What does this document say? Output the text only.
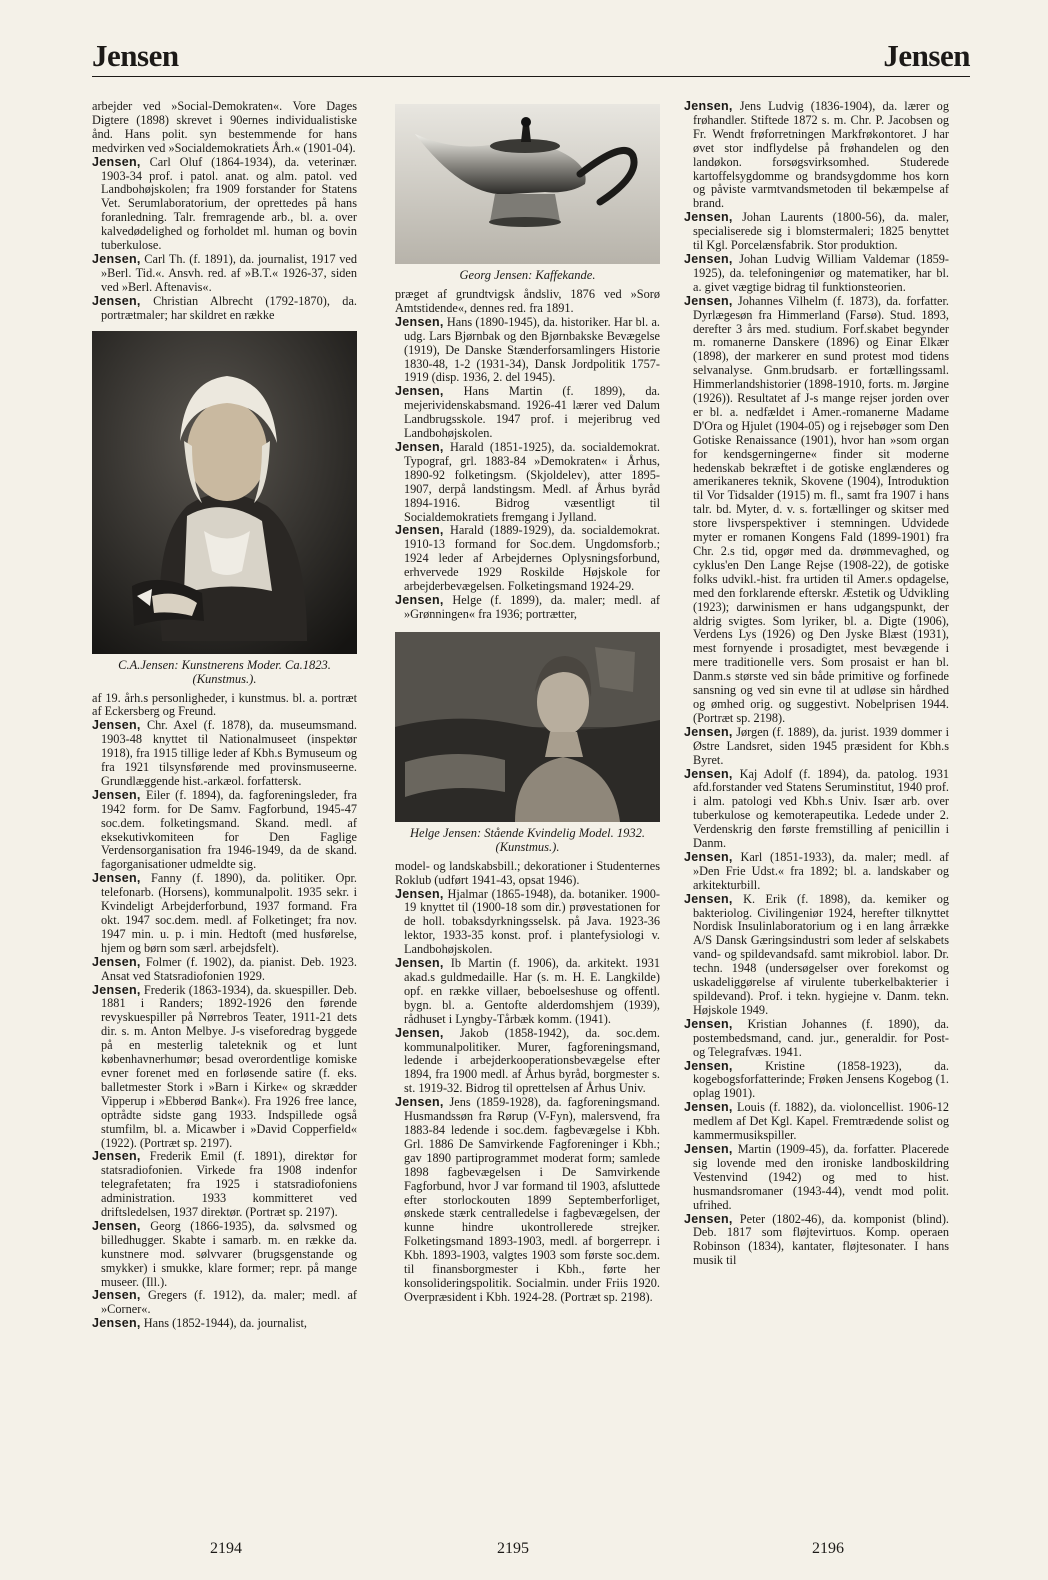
Jensen	Jensen

arbejder ved »Social-Demokraten«. Vore Dages Digtere (1898) skrevet i 90ernes individualistiske ånd. Hans polit. syn bestemmende for hans medvirken ved »Socialdemokratiets Årh.« (1901-04).

Jensen, Carl Oluf (1864-1934), da. veterinær. 1903-34 prof. i patol. anat. og alm. patol. ved Landbohøjskolen; fra 1909 forstander for Statens Vet. Serumlaboratorium, der oprettedes på hans foranledning. Talr. fremragende arb., bl. a. over kalvedødelighed og forholdet ml. human og bovin tuberkulose.

Jensen, Carl Th. (f. 1891), da. journalist, 1917 ved »Berl. Tid.«. Ansvh. red. af »B.T.« 1926-37, siden ved »Berl. Aftenavis«.

Jensen, Christian Albrecht (1792-1870), da. portrætmaler; har skildret en række

C.A.Jensen: Kunstnerens Moder. Ca.1823. (Kunstmus.).

af 19. årh.s personligheder, i kunstmus. bl. a. portræt af Eckersberg og Freund.

Jensen, Chr. Axel (f. 1878), da. museumsmand. 1903-48 knyttet til Nationalmuseet (inspektør 1918), fra 1915 tillige leder af Kbh.s Bymuseum og fra 1921 tilsynsførende med provinsmuseerne. Grundlæggende hist.-arkæol. forfattersk.

Jensen, Eiler (f. 1894), da. fagforeningsleder, fra 1942 form. for De Samv. Fagforbund, 1945-47 soc.dem. folketingsmand. Skand. medl. af eksekutivkomiteen for Den Faglige Verdensorganisation fra 1946-1949, da de skand. fagorganisationer udmeldte sig.

Jensen, Fanny (f. 1890), da. politiker. Opr. telefonarb. (Horsens), kommunalpolit. 1935 sekr. i Kvindeligt Arbejderforbund, 1937 formand. Fra okt. 1947 soc.dem. medl. af Folketinget; fra nov. 1947 min. u. p. i min. Hedtoft (med husførelse, hjem og børn som særl. arbejdsfelt).

Jensen, Folmer (f. 1902), da. pianist. Deb. 1923. Ansat ved Statsradiofonien 1929.

Jensen, Frederik (1863-1934), da. skuespiller. Deb. 1881 i Randers; 1892-1926 den førende revyskuespiller på Nørrebros Teater, 1911-21 dets dir. s. m. Anton Melbye. J-s viseforedrag byggede på en mesterlig taleteknik og et lunt københavnerhumør; besad overordentlige komiske evner forenet med en forløsende satire (f. eks. balletmester Stork i »Barn i Kirke« og skrædder Vipperup i »Ebberød Bank«). Fra 1926 free lance, optrådte sidste gang 1933. Indspillede også stumfilm, bl. a. Micawber i »David Copperfield« (1922). (Portræt sp. 2197).

Jensen, Frederik Emil (f. 1891), direktør for statsradiofonien. Virkede fra 1908 indenfor telegrafetaten; fra 1925 i statsradiofoniens administration. 1933 kommitteret ved driftsledelsen, 1937 direktør. (Portræt sp. 2197).

Jensen, Georg (1866-1935), da. sølvsmed og billedhugger. Skabte i samarb. m. en række da. kunstnere mod. sølvvarer (brugsgenstande og smykker) i smukke, klare former; repr. på mange museer. (Ill.).

Jensen, Gregers (f. 1912), da. maler; medl. af »Corner«.

Jensen, Hans (1852-1944), da. journalist,

Georg Jensen: Kaffekande.

præget af grundtvigsk åndsliv, 1876 ved »Sorø Amtstidende«, dennes red. fra 1891.

Jensen, Hans (1890-1945), da. historiker. Har bl. a. udg. Lars Bjørnbak og den Bjørnbakske Bevægelse (1919), De Danske Stænderforsamlingers Historie 1830-48, 1-2 (1931-34), Dansk Jordpolitik 1757-1919 (disp. 1936, 2. del 1945).

Jensen, Hans Martin (f. 1899), da. mejerividenskabsmand. 1926-41 lærer ved Dalum Landbrugsskole. 1947 prof. i mejeribrug ved Landbohøjskolen.

Jensen, Harald (1851-1925), da. socialdemokrat. Typograf, grl. 1883-84 »Demokraten« i Århus, 1890-92 folketingsm. (Skjoldelev), atter 1895-1907, derpå landstingsm. Medl. af Århus byråd 1894-1916. Bidrog væsentligt til Socialdemokratiets fremgang i Jylland.

Jensen, Harald (1889-1929), da. socialdemokrat. 1910-13 formand for Soc.dem. Ungdomsforb.; 1924 leder af Arbejdernes Oplysningsforbund, erhvervede 1929 Roskilde Højskole for arbejderbevægelsen. Folketingsmand 1924-29.

Jensen, Helge (f. 1899), da. maler; medl. af »Grønningen« fra 1936; portrætter,

Helge Jensen: Stående Kvindelig Model. 1932. (Kunstmus.).

model- og landskabsbill.; dekorationer i Studenternes Roklub (udført 1941-43, opsat 1946).

Jensen, Hjalmar (1865-1948), da. botaniker. 1900-19 knyttet til (1900-18 som dir.) prøvestationen for de holl. tobaksdyrkningsselsk. på Java. 1923-36 lektor, 1933-35 konst. prof. i plantefysiologi v. Landbohøjskolen.

Jensen, Ib Martin (f. 1906), da. arkitekt. 1931 akad.s guldmedaille. Har (s. m. H. E. Langkilde) opf. en række villaer, beboelseshuse og offentl. bygn. bl. a. Gentofte alderdomshjem (1939), rådhuset i Lyngby-Tårbæk komm. (1941).

Jensen, Jakob (1858-1942), da. soc.dem. kommunalpolitiker. Murer, fagforeningsmand, ledende i arbejderkooperationsbevægelse efter 1894, fra 1900 medl. af Århus byråd, borgmester s. st. 1919-32. Bidrog til oprettelsen af Århus Univ.

Jensen, Jens (1859-1928), da. fagforeningsmand. Husmandssøn fra Rørup (V-Fyn), malersvend, fra 1883-84 ledende i soc.dem. fagbevægelse i Kbh. Grl. 1886 De Samvirkende Fagforeninger i Kbh.; gav 1890 partiprogrammet moderat form; samlede 1898 fagbevægelsen i De Samvirkende Fagforbund, hvor J var formand til 1903, afsluttede efter storlockouten 1899 Septemberforliget, ønskede stærk centralledelse i fagbevægelsen, der kunne hindre ukontrollerede strejker. Folketingsmand 1893-1903, medl. af borgerrepr. i Kbh. 1893-1903, valgtes 1903 som første soc.dem. til finansborgmester i Kbh., førte her konsolideringspolitik. Socialmin. under Friis 1920. Overpræsident i Kbh. 1924-28. (Portræt sp. 2198).

Jensen, Jens Ludvig (1836-1904), da. lærer og frøhandler. Stiftede 1872 s. m. Chr. P. Jacobsen og Fr. Wendt frøforretningen Markfrøkontoret. J har øvet stor indflydelse på frøhandelen og den landøkon. forsøgsvirksomhed. Studerede kartoffelsygdomme og brandsygdomme hos korn og påviste varmtvandsmetoden til bekæmpelse af brand.

Jensen, Johan Laurents (1800-56), da. maler, specialiserede sig i blomstermaleri; 1825 benyttet til Kgl. Porcelænsfabrik. Stor produktion.

Jensen, Johan Ludvig William Valdemar (1859-1925), da. telefoningeniør og matematiker, har bl. a. givet vægtige bidrag til funktionsteorien.

Jensen, Johannes Vilhelm (f. 1873), da. forfatter. Dyrlægesøn fra Himmerland (Farsø). Stud. 1893, derefter 3 års med. studium. Forf.skabet begynder m. romanerne Danskere (1896) og Einar Elkær (1898), der markerer en sund protest mod tidens selvanalyse. Gnm.brudsarb. er fortællingssaml. Himmerlandshistorier (1898-1910, forts. m. Jørgine (1926)). Resultatet af J-s mange rejser jorden over er bl. a. nedfældet i Amer.-romanerne Madame D'Ora og Hjulet (1904-05) og i rejsebøger som Den Gotiske Renaissance (1901), hvor han »som organ for kendsgerningerne« finder sit moderne hedenskab bekræftet i de gotiske englænderes og amerikaneres teknik, Skovene (1904), Introduktion til Vor Tidsalder (1915) m. fl., samt fra 1907 i hans talr. bd. Myter, d. v. s. fortællinger og skitser med store livsperspektiver i stemningen. Udvidede myter er romanen Kongens Fald (1899-1901) fra Chr. 2.s tid, opgør med da. drømmevaghed, og cyklus'en Den Lange Rejse (1908-22), de gotiske folks udvikl.-hist. fra urtiden til Amer.s opdagelse, med den forklarende efterskr. Æstetik og Udvikling (1923); darwinismen er hans udgangspunkt, der aldrig svigtes. Som lyriker, bl. a. Digte (1906), Verdens Lys (1926) og Den Jyske Blæst (1931), mest fornyende i prosadigtet, mest bevægende i mere traditionelle vers. Som prosaist er han bl. Danm.s største ved sin både primitive og forfinede sansning og ved sin evne til at udløse sin hårdhed og ømhed orig. og suggestivt. Nobelprisen 1944. (Portræt sp. 2198).

Jensen, Jørgen (f. 1889), da. jurist. 1939 dommer i Østre Landsret, siden 1945 præsident for Kbh.s Byret.

Jensen, Kaj Adolf (f. 1894), da. patolog. 1931 afd.forstander ved Statens Seruminstitut, 1940 prof. i alm. patologi ved Kbh.s Univ. Især arb. over tuberkulose og kemoterapeutika. Ledede under 2. Verdenskrig den første fremstilling af penicillin i Danm.

Jensen, Karl (1851-1933), da. maler; medl. af »Den Frie Udst.« fra 1892; bl. a. landskaber og arkitekturbill.

Jensen, K. Erik (f. 1898), da. kemiker og bakteriolog. Civilingeniør 1924, herefter tilknyttet Nordisk Insulinlaboratorium og i en lang årrække A/S Dansk Gæringsindustri som leder af selskabets vand- og spildevandsafd. samt mikrobiol. labor. Dr. techn. 1948 (undersøgelser over forekomst og uskadeliggørelse af virulente tuberkelbakterier i spildevand). Prof. i tekn. hygiejne v. Danm. tekn. Højskole 1949.

Jensen, Kristian Johannes (f. 1890), da. postembedsmand, cand. jur., generaldir. for Post- og Telegrafvæs. 1941.

Jensen,	Kristine (1858-1923), da. kogebogsforfatterinde; Frøken Jensens Kogebog (1. oplag 1901).

Jensen, Louis (f. 1882), da. violoncellist. 1906-12 medlem af Det Kgl. Kapel. Fremtrædende solist og kammermusikspiller.

Jensen, Martin (1909-45), da. forfatter. Placerede sig lovende med den ironiske landboskildring Vestenvind (1942) og med to hist. husmandsromaner (1943-44), vendt mod polit. ufrihed.

Jensen, Peter (1802-46), da. komponist (blind). Deb. 1817 som fløjtevirtuos. Komp. operaen Robinson (1834), kantater, fløjtesonater. I hans musik til

2194	2195	2196
